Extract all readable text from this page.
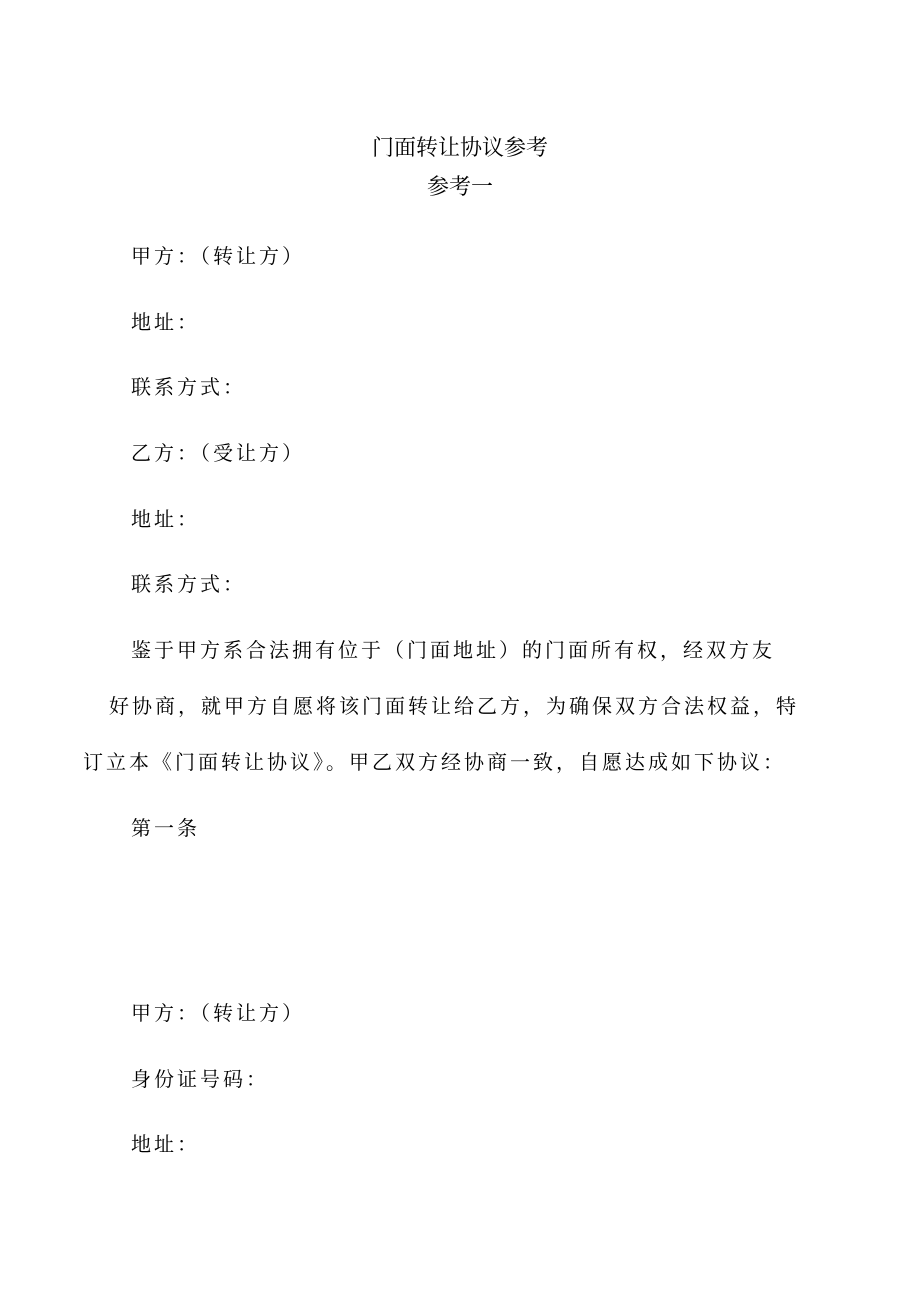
门面转让协议参考
参考一
甲方：（转让方）
地址：
联系方式：
乙方：（受让方）
地址：
联系方式：
鉴于甲方系合法拥有位于（门面地址）的门面所有权，经双方友
好协商，就甲方自愿将该门面转让给乙方，为确保双方合法权益，特
订立本《门面转让协议》。甲乙双方经协商一致，自愿达成如下协议：
第一条
甲方：（转让方）
身份证号码：
地址：
